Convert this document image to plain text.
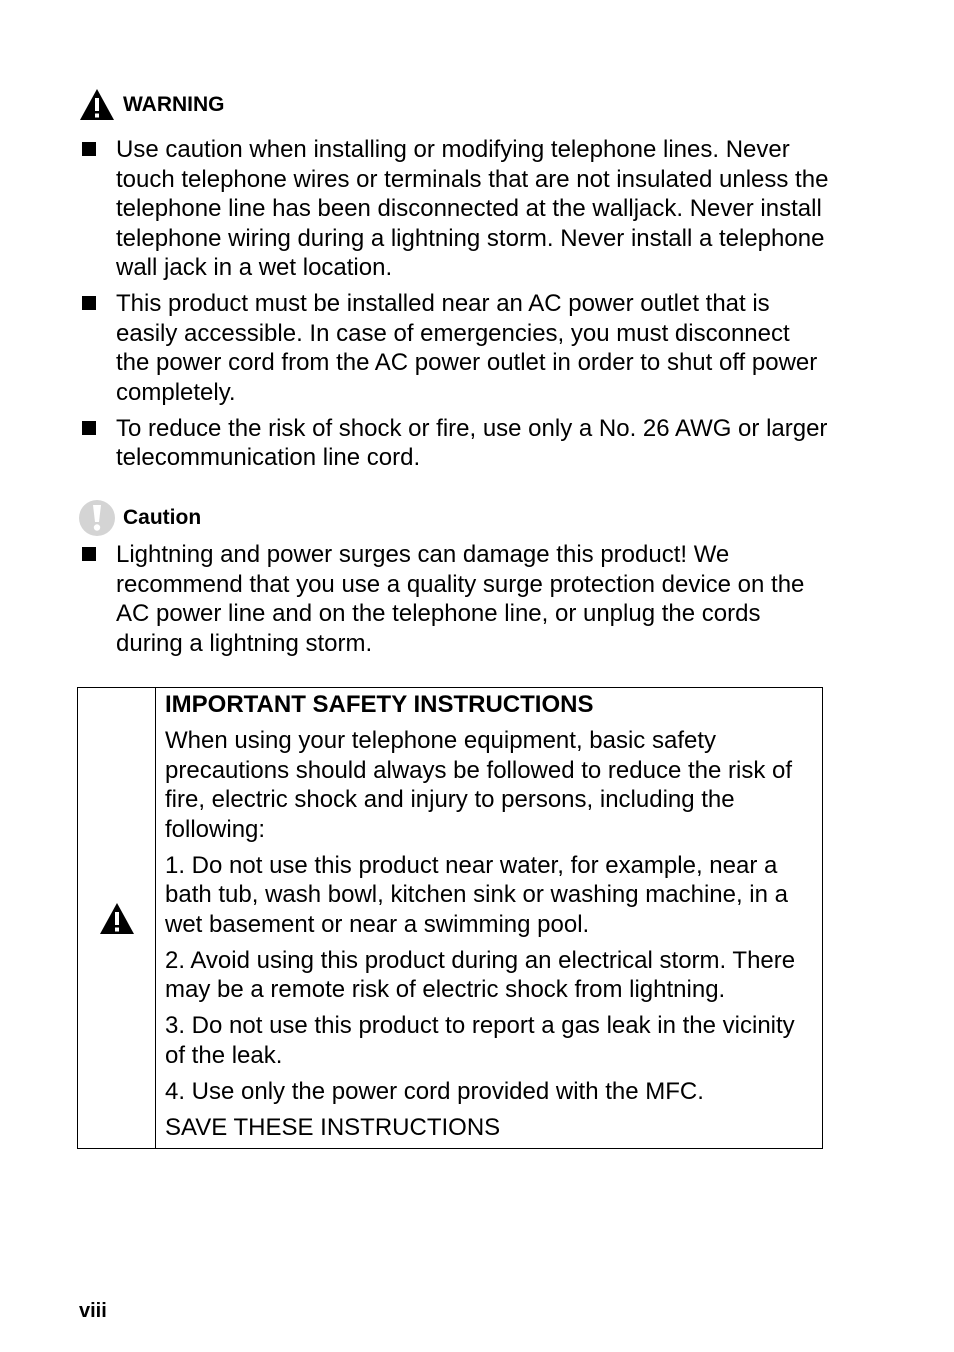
WARNING
Use caution when installing or modifying telephone lines. Never touch telephone wires or terminals that are not insulated unless the telephone line has been disconnected at the walljack. Never install telephone wiring during a lightning storm. Never install a telephone wall jack in a wet location.
This product must be installed near an AC power outlet that is easily accessible. In case of emergencies, you must disconnect the power cord from the AC power outlet in order to shut off power completely.
To reduce the risk of shock or fire, use only a No. 26 AWG or larger telecommunication line cord.
Caution
Lightning and power surges can damage this product! We recommend that you use a quality surge protection device on the AC power line and on the telephone line, or unplug the cords during a lightning storm.

IMPORTANT SAFETY INSTRUCTIONS

When using your telephone equipment, basic safety precautions should always be followed to reduce the risk of fire, electric shock and injury to persons, including the following:

1. Do not use this product near water, for example, near a bath tub, wash bowl, kitchen sink or washing machine, in a wet basement or near a swimming pool.

2. Avoid using this product during an electrical storm. There may be a remote risk of electric shock from lightning.

3. Do not use this product to report a gas leak in the vicinity of the leak.

4. Use only the power cord provided with the MFC.

SAVE THESE INSTRUCTIONS

viii
